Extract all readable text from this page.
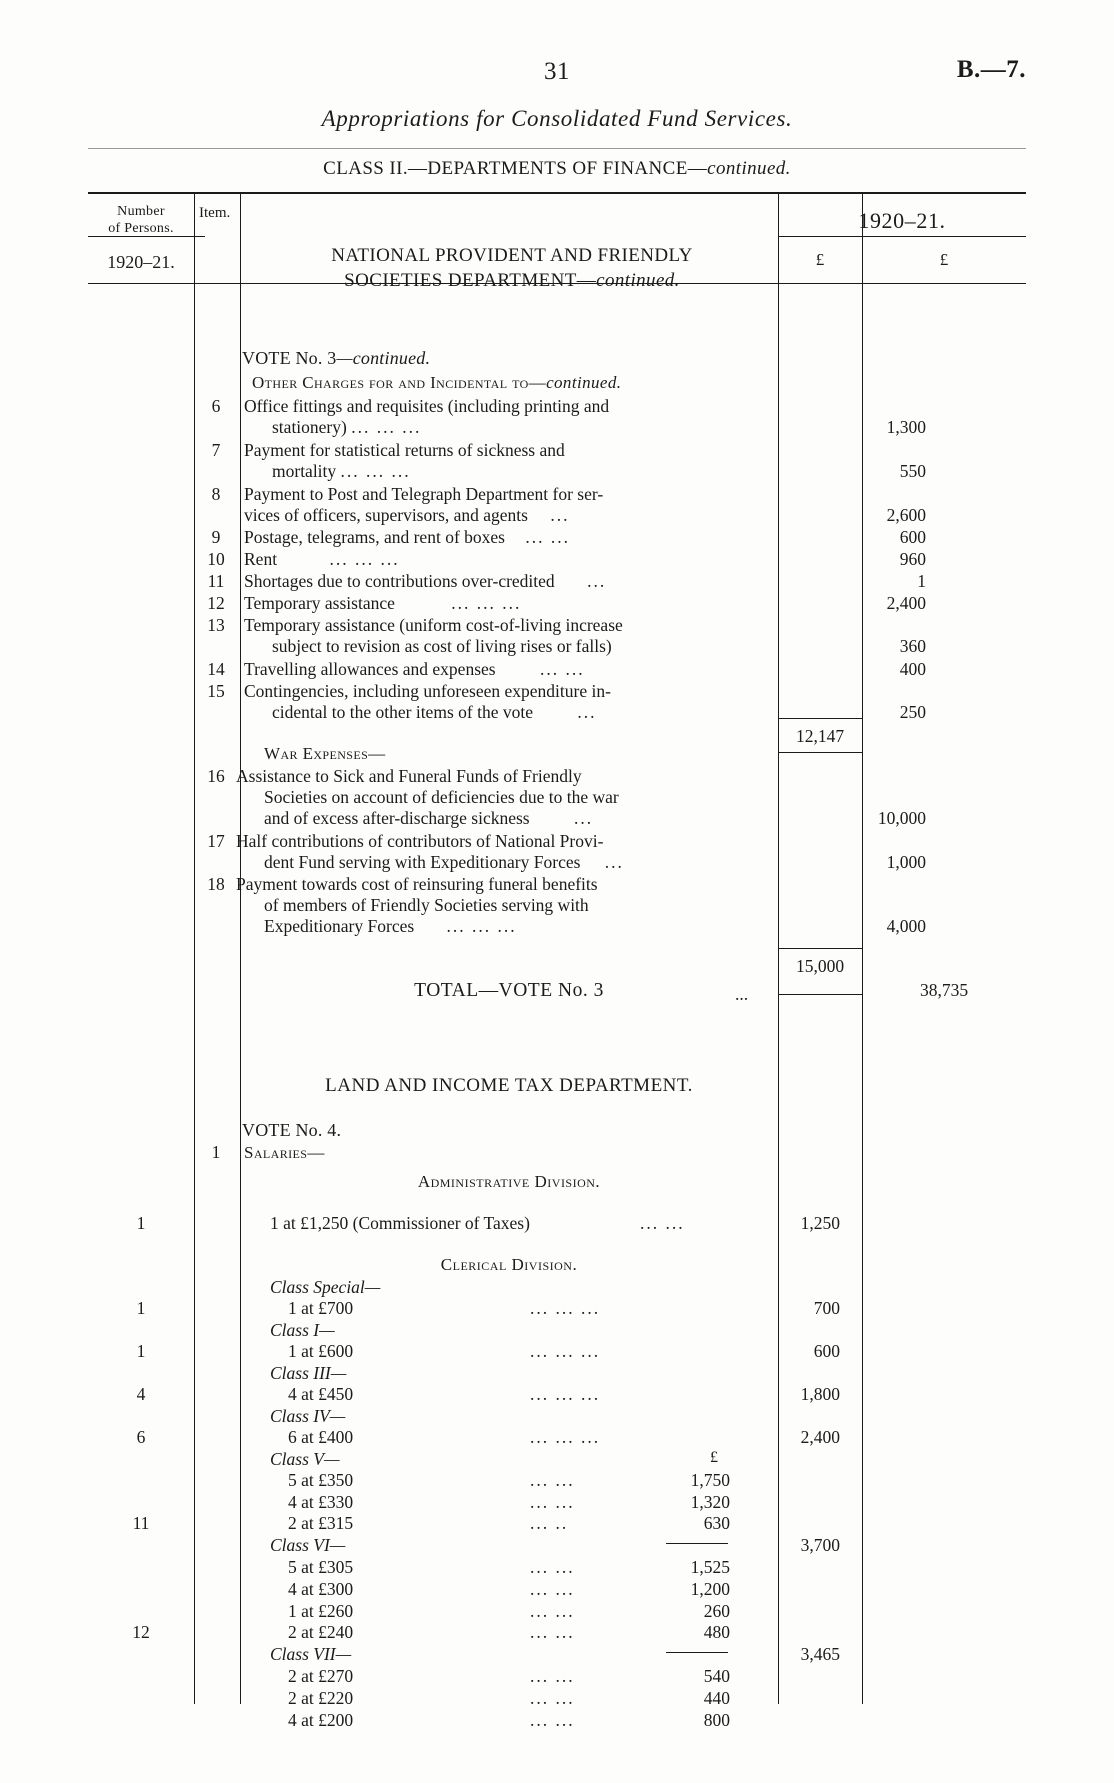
31	B.—7.
Appropriations for Consolidated Fund Services.
CLASS II.—DEPARTMENTS OF FINANCE—continued.
Number
of Persons.
Item.
1920–21.
1920–21.
£	£
NATIONAL PROVIDENT AND FRIENDLY
SOCIETIES DEPARTMENT—continued.
VOTE No. 3—continued.
Other Charges for and Incidental to—continued.
6	Office fittings and requisites (including printing and
stationery) ... ... ...	1,300
7	Payment for statistical returns of sickness and
mortality ... ... ...	550
8	Payment to Post and Telegraph Department for ser-
vices of officers, supervisors, and agents ...	2,600
9	Postage, telegrams, and rent of boxes ... ...	600
10	Rent	... ... ...	960
11	Shortages due to contributions over-credited ...	1
12	Temporary assistance	... ... ...	2,400
13	Temporary assistance (uniform cost-of-living increase
subject to revision as cost of living rises or falls)	360
14	Travelling allowances and expenses	... ...	400
15	Contingencies, including unforeseen expenditure in-
cidental to the other items of the vote	...	250
12,147
War Expenses—
16 Assistance to Sick and Funeral Funds of Friendly
Societies on account of deficiencies due to the war
and of excess after-discharge sickness	...	10,000
17 Half contributions of contributors of National Provi-
dent Fund serving with Expeditionary Forces ...	1,000
18 Payment towards cost of reinsuring funeral benefits
of members of Friendly Societies serving with
Expeditionary Forces ... ... ...	4,000
15,000
TOTAL—VOTE No. 3	...	38,735
LAND AND INCOME TAX DEPARTMENT.
VOTE No. 4.
1	Salaries—
Administrative Division.
1	1 at £1,250 (Commissioner of Taxes)	... ...	1,250
Clerical Division.
Class Special—
1	1 at £700	... ... ...	700
Class I—
1	1 at £600	... ... ...	600
Class III—
4	4 at £450	... ... ...	1,800
Class IV—
6	6 at £400	... ... ...	2,400
Class V—	£
5 at £350	... ...	1,750
4 at £330	... ...	1,320
11	2 at £315	... ..	630
Class VI—	3,700
5 at £305	... ...	1,525
4 at £300	... ...	1,200
1 at £260	... ...	260
12	2 at £240	... ...	480
Class VII—	3,465
2 at £270	... ...	540
2 at £220	... ...	440
4 at £200	... ...	800
